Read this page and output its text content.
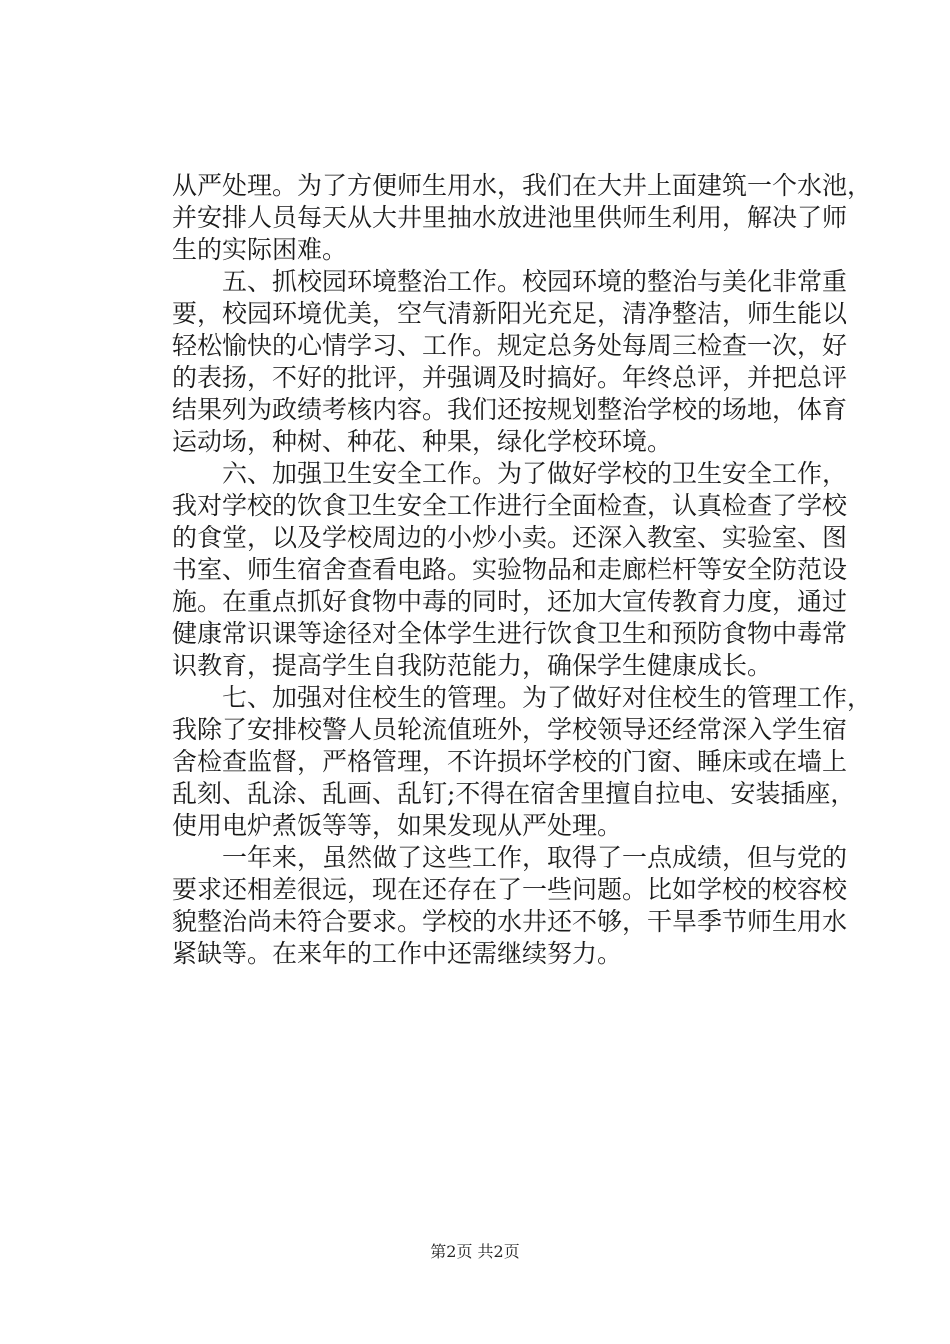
从严处理。为了方便师生用水，我们在大井上面建筑一个水池，
并安排人员每天从大井里抽水放进池里供师生利用，解决了师
生的实际困难。
　　五、抓校园环境整治工作。校园环境的整治与美化非常重
要，校园环境优美，空气清新阳光充足，清净整洁，师生能以
轻松愉快的心情学习、工作。规定总务处每周三检查一次，好
的表扬，不好的批评，并强调及时搞好。年终总评，并把总评
结果列为政绩考核内容。我们还按规划整治学校的场地，体育
运动场，种树、种花、种果，绿化学校环境。
　　六、加强卫生安全工作。为了做好学校的卫生安全工作，
我对学校的饮食卫生安全工作进行全面检查，认真检查了学校
的食堂，以及学校周边的小炒小卖。还深入教室、实验室、图
书室、师生宿舍查看电路。实验物品和走廊栏杆等安全防范设
施。在重点抓好食物中毒的同时，还加大宣传教育力度，通过
健康常识课等途径对全体学生进行饮食卫生和预防食物中毒常
识教育，提高学生自我防范能力，确保学生健康成长。
　　七、加强对住校生的管理。为了做好对住校生的管理工作，
我除了安排校警人员轮流值班外，学校领导还经常深入学生宿
舍检查监督，严格管理，不许损坏学校的门窗、睡床或在墙上
乱刻、乱涂、乱画、乱钉;不得在宿舍里擅自拉电、安装插座，
使用电炉煮饭等等，如果发现从严处理。
　　一年来，虽然做了这些工作，取得了一点成绩，但与党的
要求还相差很远，现在还存在了一些问题。比如学校的校容校
貌整治尚未符合要求。学校的水井还不够，干旱季节师生用水
紧缺等。在来年的工作中还需继续努力。
第2页 共2页
